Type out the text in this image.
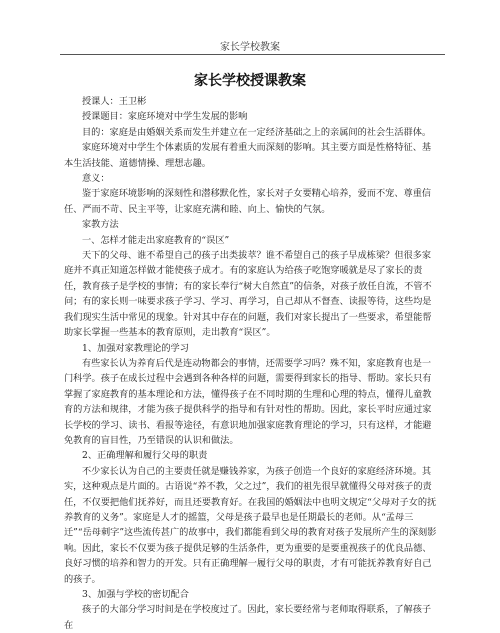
家长学校教案
家长学校授课教案

授课人：王卫彬

授课题目：家庭环境对中学生发展的影响

目的：家庭是由婚姻关系而发生并建立在一定经济基础之上的亲属间的社会生活群体。

家庭环境对中学生个体素质的发展有着重大而深刻的影响。其主要方面是性格特征、基本生活技能、道德情操、理想志趣。

意义：

鉴于家庭环境影响的深刻性和潜移默化性，家长对子女要精心培养，爱而不宠、尊重信任、严而不苛、民主平等，让家庭充满和睦、向上、愉快的气氛。

家教方法

一、怎样才能走出家庭教育的“误区”

天下的父母、谁不希望自己的孩子出类拔萃？谁不希望自己的孩子早成栋梁？但很多家庭并不真正知道怎样做才能使孩子成才。有的家庭认为给孩子吃饱穿暖就是尽了家长的责任，教育孩子是学校的事情；有的家长奉行“树大自然直”的信条，对孩子放任自流，不管不问；有的家长则一味要求孩子学习、学习、再学习，自己却从不督查、读报等待，这些均是我们现实生活中常见的现象。针对其中存在的问题，我们对家长提出了一些要求，希望能帮助家长掌握一些基本的教育原则，走出教育“误区”。

1、加强对家教理论的学习

有些家长认为养育后代是连动物都会的事情，还需要学习吗？殊不知，家庭教育也是一门科学。孩子在成长过程中会遇到各种各样的问题，需要得到家长的指导、帮助。家长只有掌握了家庭教育的基本理论和方法，懂得孩子在不同时期的生理和心理的特点，懂得儿童教育的方法和规律，才能为孩子提供科学的指导和有针对性的帮助。因此，家长平时应通过家长学校的学习、读书、看报等途径，有意识地加强家庭教育理论的学习，只有这样，才能避免教育的盲目性，乃至错误的认识和做法。

2、正确理解和履行父母的职责

不少家长认为自己的主要责任就是赚钱养家，为孩子创造一个良好的家庭经济环境。其实，这种观点是片面的。古语说“养不教，父之过”，我们的祖先很早就懂得父母对孩子的责任，不仅要把他们抚养好，而且还要教育好。在我国的婚姻法中也明文规定“父母对子女的抚养教育的义务”。家庭是人才的摇篮，父母是孩子最早也是任期最长的老师。从“孟母三迁”“岳母刺字”这些流传甚广的故事中，我们都能看到父母的教育对孩子发展所产生的深刻影响。因此，家长不仅要为孩子提供足够的生活条件，更为重要的是要重视孩子的优良品德、良好习惯的培养和智力的开发。只有正确理解一履行父母的职责，才有可能抚养教育好自己的孩子。

3、加强与学校的密切配合

孩子的大部分学习时间是在学校度过了。因此，家长要经常与老师取得联系，了解孩子在
